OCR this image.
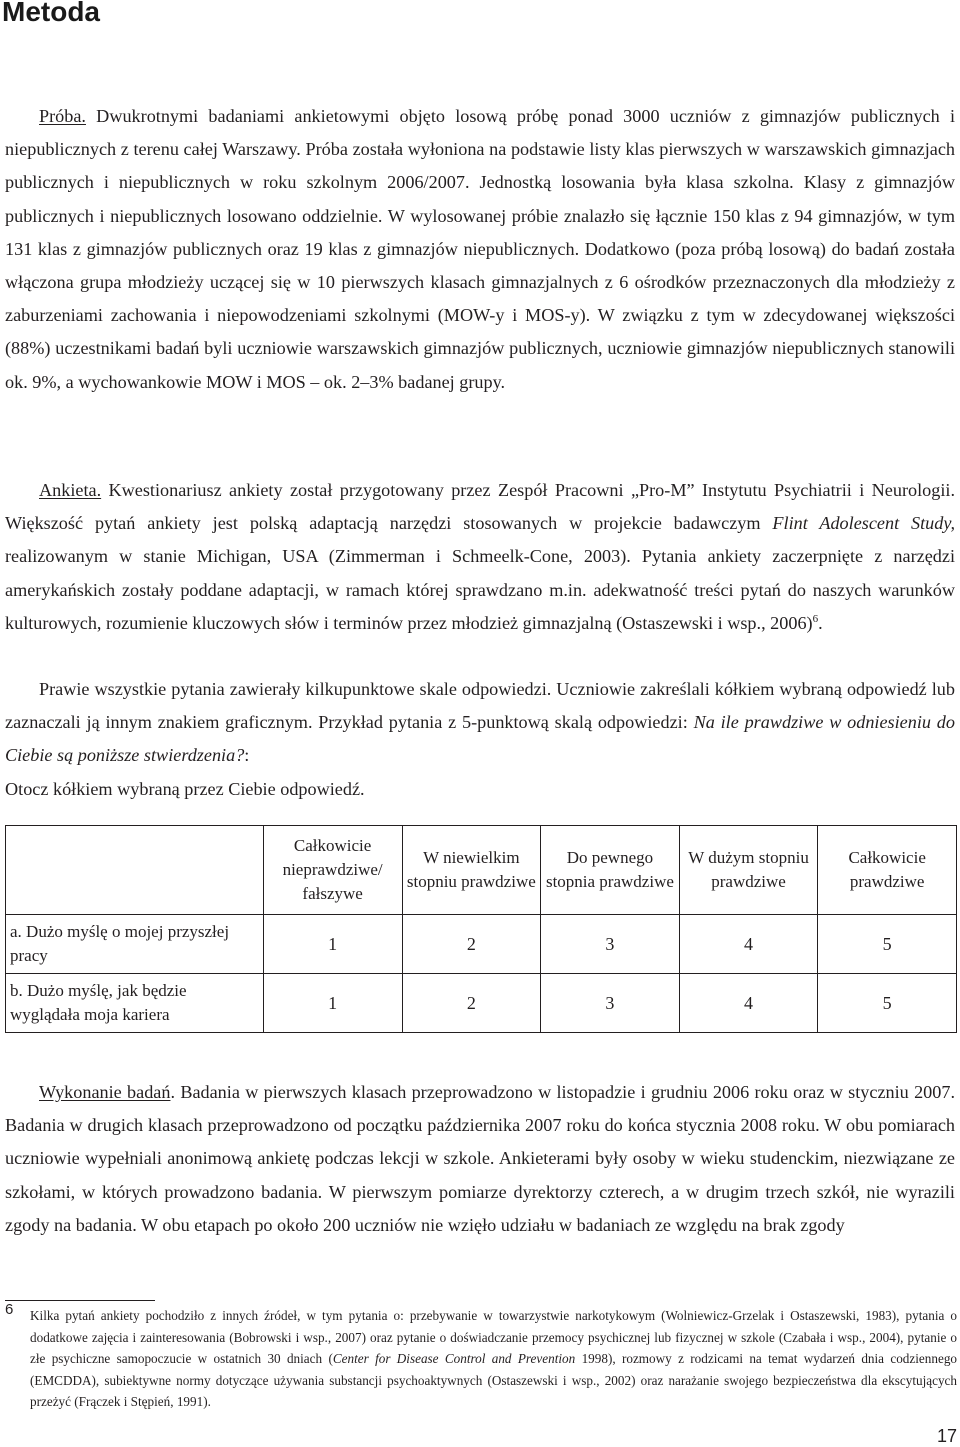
Metoda

Próba. Dwukrotnymi badaniami ankietowymi objęto losową próbę ponad 3000 uczniów z gimnazjów publicznych i niepublicznych z terenu całej Warszawy. Próba została wyłoniona na podstawie listy klas pierwszych w warszawskich gimnazjach publicznych i niepublicznych w roku szkolnym 2006/2007. Jednostką losowania była klasa szkolna. Klasy z gimnazjów publicznych i niepublicznych losowano oddzielnie. W wylosowanej próbie znalazło się łącznie 150 klas z 94 gimnazjów, w tym 131 klas z gimnazjów publicznych oraz 19 klas z gimnazjów niepublicznych. Dodatkowo (poza próbą losową) do badań została włączona grupa młodzieży uczącej się w 10 pierwszych klasach gimnazjalnych z 6 ośrodków przeznaczonych dla młodzieży z zaburzeniami zachowania i niepowodzeniami szkolnymi (MOW-y i MOS-y). W związku z tym w zdecydowanej większości (88%) uczestnikami badań byli uczniowie warszawskich gimnazjów publicznych, uczniowie gimnazjów niepublicznych stanowili ok. 9%, a wychowankowie MOW i MOS – ok. 2–3% badanej grupy.

Ankieta. Kwestionariusz ankiety został przygotowany przez Zespół Pracowni „Pro-M” Instytutu Psychiatrii i Neurologii. Większość pytań ankiety jest polską adaptacją narzędzi stosowanych w projekcie badawczym Flint Adolescent Study, realizowanym w stanie Michigan, USA (Zimmerman i Schmeelk-Cone, 2003). Pytania ankiety zaczerpnięte z narzędzi amerykańskich zostały poddane adaptacji, w ramach której sprawdzano m.in. adekwatność treści pytań do naszych warunków kulturowych, rozumienie kluczowych słów i terminów przez młodzież gimnazjalną (Ostaszewski i wsp., 2006)$^6$.

Prawie wszystkie pytania zawierały kilkupunktowe skale odpowiedzi. Uczniowie zakreślali kółkiem wybraną odpowiedź lub zaznaczali ją innym znakiem graficznym. Przykład pytania z 5-punktową skalą odpowiedzi: Na ile prawdziwe w odniesieniu do Ciebie są poniższe stwierdzenia?:
Otocz kółkiem wybraną przez Ciebie odpowiedź.

	Całkowicie nieprawdziwe/ fałszywe	W niewielkim stopniu prawdziwe	Do pewnego stopnia prawdziwe	W dużym stopniu prawdziwe	Całkowicie prawdziwe
a. Dużo myślę o mojej przyszłej pracy	1	2	3	4	5
b. Dużo myślę, jak będzie wyglądała moja kariera	1	2	3	4	5

Wykonanie badań. Badania w pierwszych klasach przeprowadzono w listopadzie i grudniu 2006 roku oraz w styczniu 2007. Badania w drugich klasach przeprowadzono od początku października 2007 roku do końca stycznia 2008 roku. W obu pomiarach uczniowie wypełniali anonimową ankietę podczas lekcji w szkole. Ankieterami były osoby w wieku studenckim, niezwiązane ze szkołami, w których prowadzono badania. W pierwszym pomiarze dyrektorzy czterech, a w drugim trzech szkół, nie wyrazili zgody na badania. W obu etapach po około 200 uczniów nie wzięło udziału w badaniach ze względu na brak zgody

6 Kilka pytań ankiety pochodziło z innych źródeł, w tym pytania o: przebywanie w towarzystwie narkotykowym (Wolniewicz-Grzelak i Ostaszewski, 1983), pytania o dodatkowe zajęcia i zainteresowania (Bobrowski i wsp., 2007) oraz pytanie o doświadczanie przemocy psychicznej lub fizycznej w szkole (Czabała i wsp., 2004), pytanie o złe psychiczne samopoczucie w ostatnich 30 dniach (Center for Disease Control and Prevention 1998), rozmowy z rodzicami na temat wydarzeń dnia codziennego (EMCDDA), subiektywne normy dotyczące używania substancji psychoaktywnych (Ostaszewski i wsp., 2002) oraz narażanie swojego bezpieczeństwa dla ekscytujących przeżyć (Frączek i Stępień, 1991).

17
